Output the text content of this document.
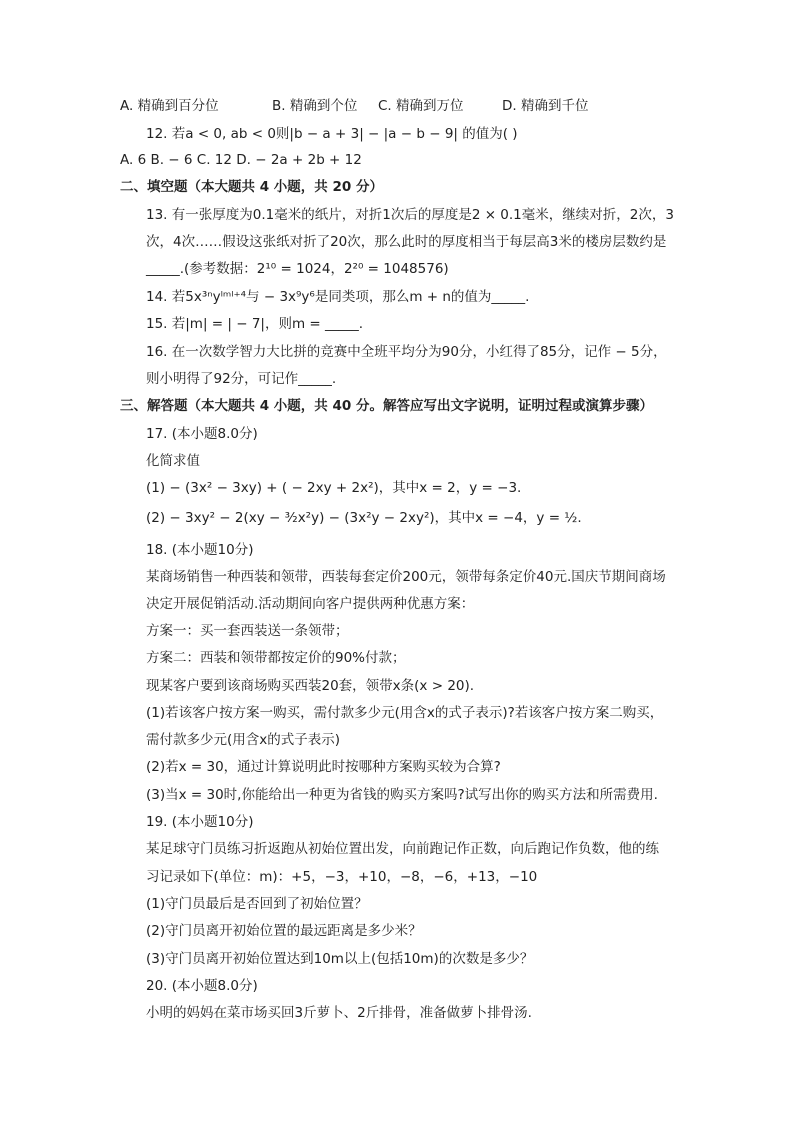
A. 精确到百分位	B. 精确到个位 C. 精确到万位	D. 精确到千位
12. 若a < 0, ab < 0则|b − a + 3| − |a − b − 9| 的值为( )
A. 6 B. − 6 C. 12 D. − 2a + 2b + 12
二、填空题（本大题共 4 小题，共 20 分）
13. 有一张厚度为0.1毫米的纸片，对折1次后的厚度是2 × 0.1毫米，继续对折，2次，3
次，4次……假设这张纸对折了20次，那么此时的厚度相当于每层高3米的楼房层数约是
_____.(参考数据：2¹⁰ = 1024，2²⁰ = 1048576)
14. 若5x³ⁿyˡᵐˡ⁺⁴与 − 3x⁹y⁶是同类项，那么m + n的值为_____.
15. 若|m| = | − 7|，则m = _____.
16. 在一次数学智力大比拼的竞赛中全班平均分为90分，小红得了85分，记作 − 5分，
则小明得了92分，可记作_____.
三、解答题（本大题共 4 小题，共 40 分。解答应写出文字说明，证明过程或演算步骤）
17. (本小题8.0分)
化简求值
(1) − (3x² − 3xy) + ( − 2xy + 2x²)，其中x = 2，y = −3.
(2) − 3xy² − 2(xy − ³⁄₂x²y) − (3x²y − 2xy²)，其中x = −4，y = ½.
18. (本小题10分)
某商场销售一种西装和领带，西装每套定价200元，领带每条定价40元.国庆节期间商场
决定开展促销活动.活动期间向客户提供两种优惠方案：
方案一：买一套西装送一条领带；
方案二：西装和领带都按定价的90%付款；
现某客户要到该商场购买西装20套，领带x条(x > 20).
(1)若该客户按方案一购买，需付款多少元(用含x的式子表示)?若该客户按方案二购买，
需付款多少元(用含x的式子表示)
(2)若x = 30，通过计算说明此时按哪种方案购买较为合算?
(3)当x = 30时,你能给出一种更为省钱的购买方案吗?试写出你的购买方法和所需费用.
19. (本小题10分)
某足球守门员练习折返跑从初始位置出发，向前跑记作正数，向后跑记作负数，他的练
习记录如下(单位：m)：+5，−3，+10，−8，−6，+13，−10
(1)守门员最后是否回到了初始位置？
(2)守门员离开初始位置的最远距离是多少米？
(3)守门员离开初始位置达到10m以上(包括10m)的次数是多少？
20. (本小题8.0分)
小明的妈妈在菜市场买回3斤萝卜、2斤排骨，准备做萝卜排骨汤.
